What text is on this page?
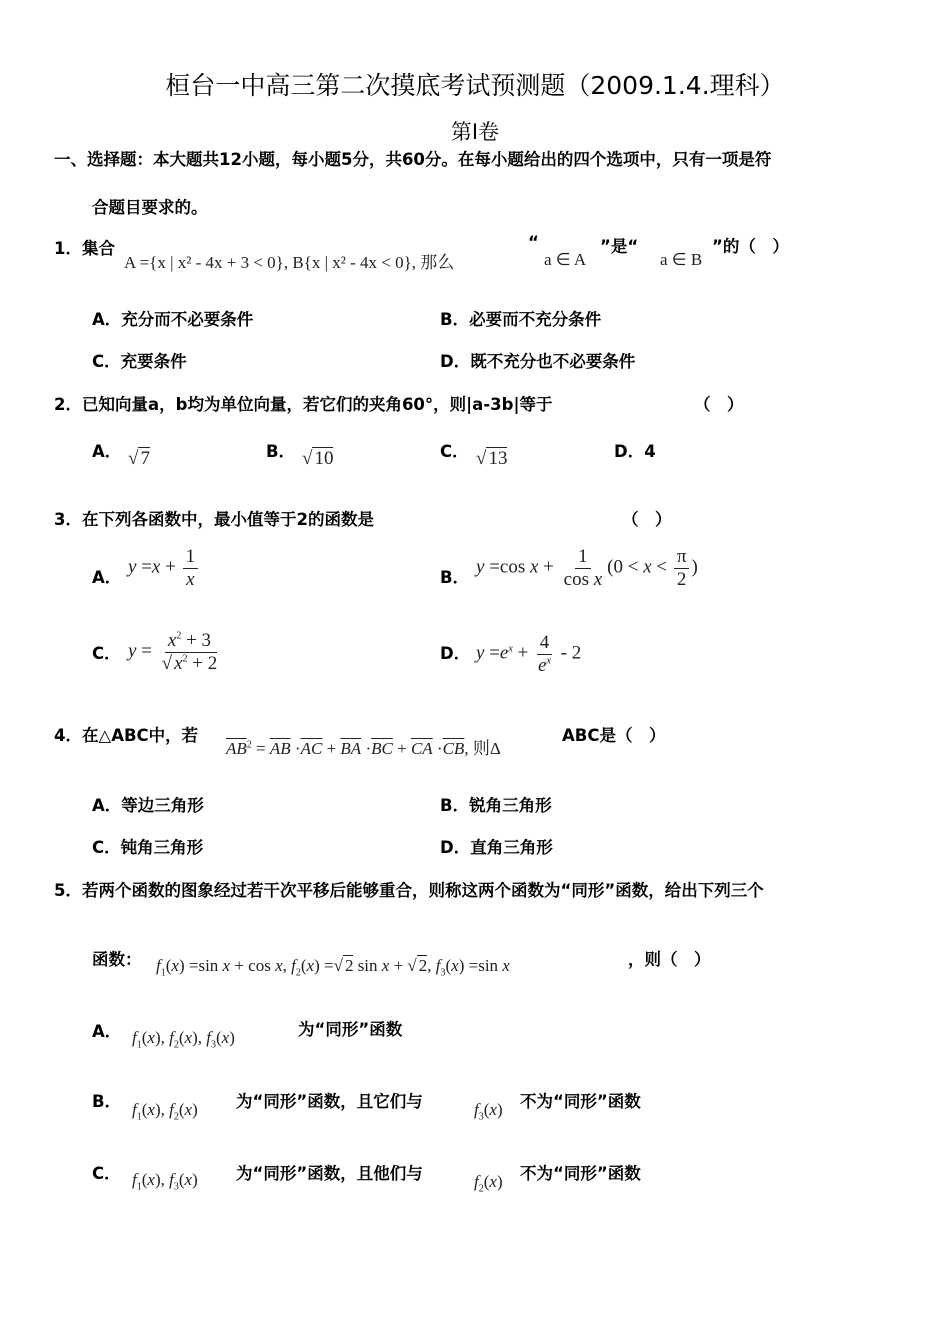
桓台一中高三第二次摸底考试预测题（2009.1.4.理科）
第Ⅰ卷
一、选择题：本大题共12小题，每小题5分，共60分。在每小题给出的四个选项中，只有一项是符
合题目要求的。
1． 集合
A ={x | x² - 4x + 3 < 0}, B{x | x² - 4x < 0}, 那么
“
a ∈ A
”是“
a ∈ B
”的（　）
A．充分而不必要条件	B．必要而不充分条件
C．充要条件	D．既不充分也不必要条件
2． 已知向量a，b均为单位向量，若它们的夹角60°，则|a-3b|等于	（　）
A． √ 7	B． √ 10	C． √ 13	D．4
3． 在下列各函数中，最小值等于2的函数是	（　）
A． $y =x + \frac{1}{x}$	B． y =cos $x + \frac{1}{\text{cos x}} (0 < x < \frac{\pi}{2}$ )
C． $y = \frac{x^2 + 3}{√ x^2 + 2}$	D． $y =e^x + \frac{4}{e^x} - 2$
4． 在△ABC中，若
$\overline{AB}^2 = \overline{AB} \cdot\overline{AC} + \overline{BA} \cdot\overline{BC} + \overline{CA} \cdot\overline{CB}$, 则Δ
ABC是（　）
A．等边三角形	B．锐角三角形
C．钝角三角形	D．直角三角形
5． 若两个函数的图象经过若干次平移后能够重合，则称这两个函数为“同形”函数，给出下列三个
函数： $f_1(x) =\sin$ x + cos x, $f_2(x)$ =√ 2 sin x + √ 2, $f_3(x) =\sin$ x	，则（　）
A． $f_1(x)$, $f_2(x)$, $f_3(x)$	为“同形”函数
B． $f_1(x)$, $f_2(x)$ 为“同形”函数，且它们与	$f_3(x)$ 不为“同形”函数
C． $f_1(x)$, $f_3(x)$ 为“同形”函数，且他们与	$f_2(x)$ 不为“同形”函数
